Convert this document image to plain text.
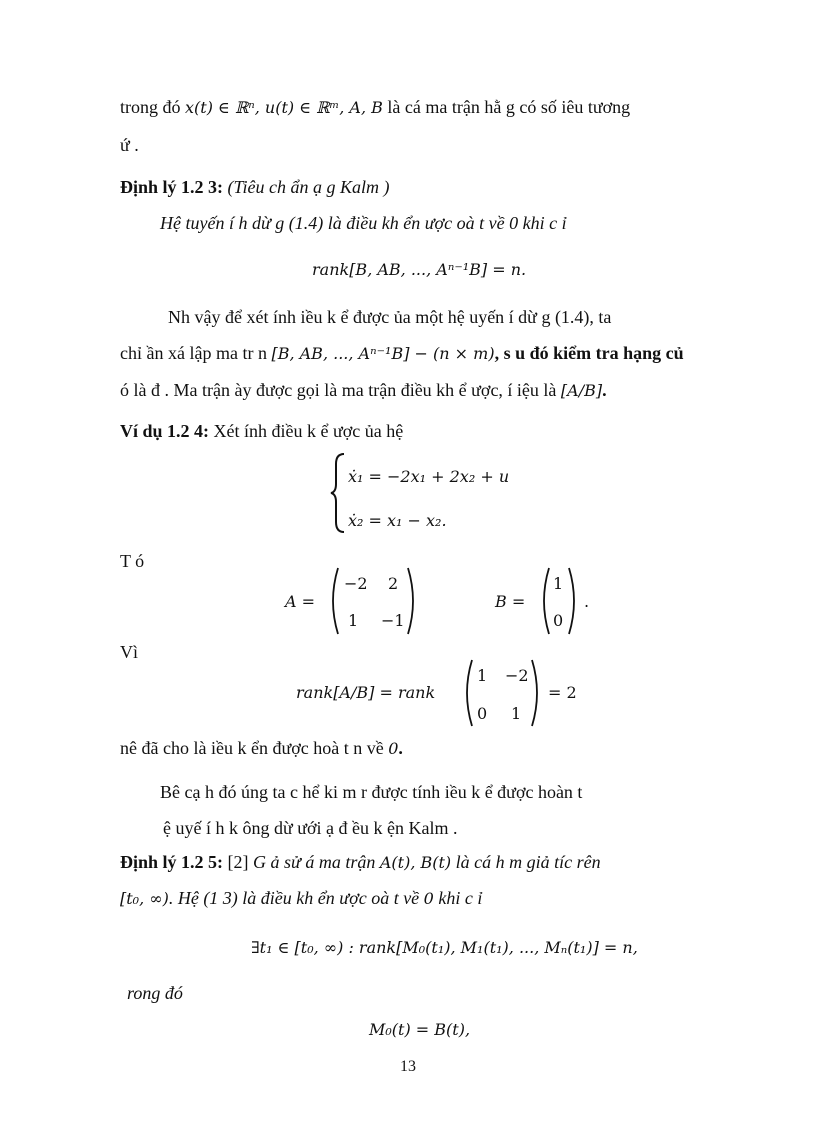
trong đó x(t) ∈ ℝⁿ, u(t) ∈ ℝᵐ, A, B là cá ma trận hằ g có số iêu tương
ứ .
Định lý 1.2 3: (Tiêu ch ẩn ạ g Kalm )
Hệ tuyến í h dừ g (1.4) là điều kh ển ược oà t về 0 khi c ỉ
rank[B, AB, ..., Aⁿ⁻¹B] = n.
Nh vậy để xét ính iều k ể được ủa một hệ uyến í dừ g (1.4), ta
chỉ ần xá lập ma tr n [B, AB, ..., Aⁿ⁻¹B] − (n × m), s u đó kiểm tra hạng củ
ó là đ . Ma trận ày được gọi là ma trận điều kh ể ược, í iệu là [A/B].
Ví dụ 1.2 4: Xét ính điều k ể ược ủa hệ
ẋ₁ = −2x₁ + 2x₂ + u
ẋ₂ = x₁ − x₂.
T ó
A =
−2 2
1 −1
B =
1
0
.
Vì
rank[A/B] = rank
1 −2
0 1
= 2
nê đã cho là iều k ển được hoà t n về 0.
Bê cạ h đó úng ta c hể ki m r được tính iều k ể được hoàn t
ệ uyế í h k ông dừ ưới ạ đ ều k ện Kalm .
Định lý 1.2 5: [2] G ả sử á ma trận A(t), B(t) là cá h m giả tíc rên
[t₀, ∞). Hệ (1 3) là điều kh ển ược oà t về 0 khi c ỉ
∃t₁ ∈ [t₀, ∞) : rank[M₀(t₁), M₁(t₁), ..., Mₙ(t₁)] = n,
rong đó
M₀(t) = B(t),
13
